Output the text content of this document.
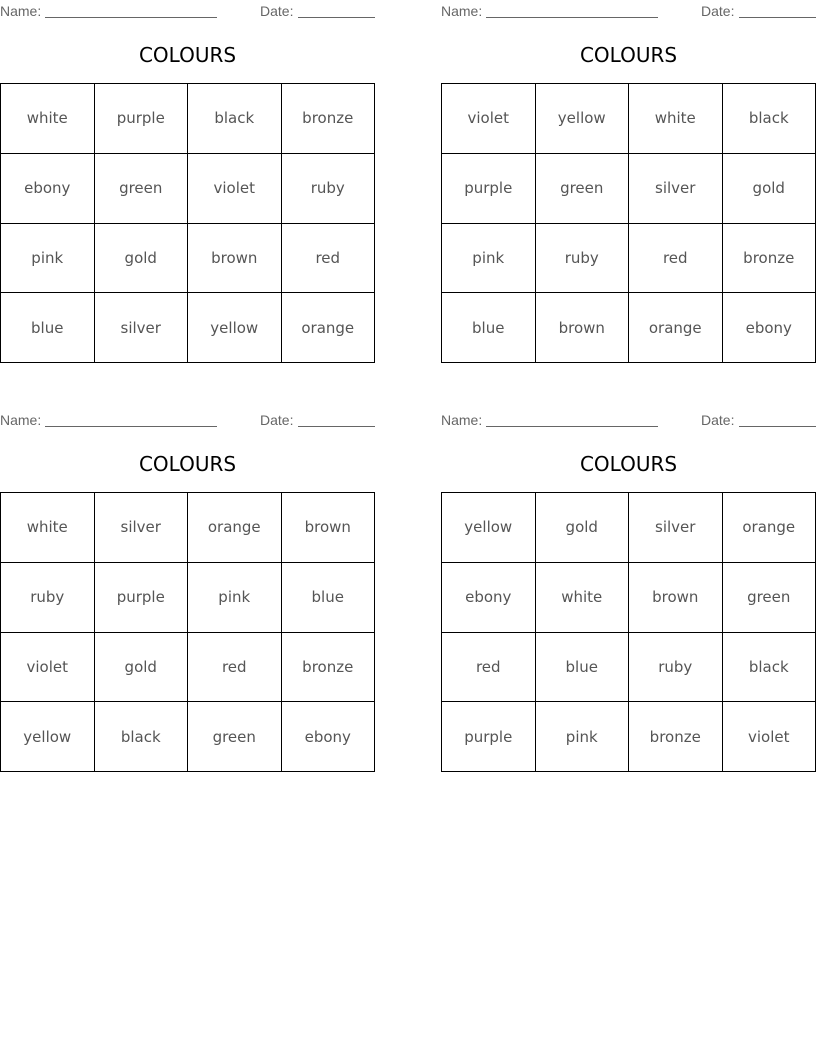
Name:	Date:
COLOURS
white	purple	black	bronze
ebony	green	violet	ruby
pink	gold	brown	red
blue	silver	yellow	orange
Name:	Date:
COLOURS
violet	yellow	white	black
purple	green	silver	gold
pink	ruby	red	bronze
blue	brown	orange	ebony
Name:	Date:
COLOURS
white	silver	orange	brown
ruby	purple	pink	blue
violet	gold	red	bronze
yellow	black	green	ebony
Name:	Date:
COLOURS
yellow	gold	silver	orange
ebony	white	brown	green
red	blue	ruby	black
purple	pink	bronze	violet
